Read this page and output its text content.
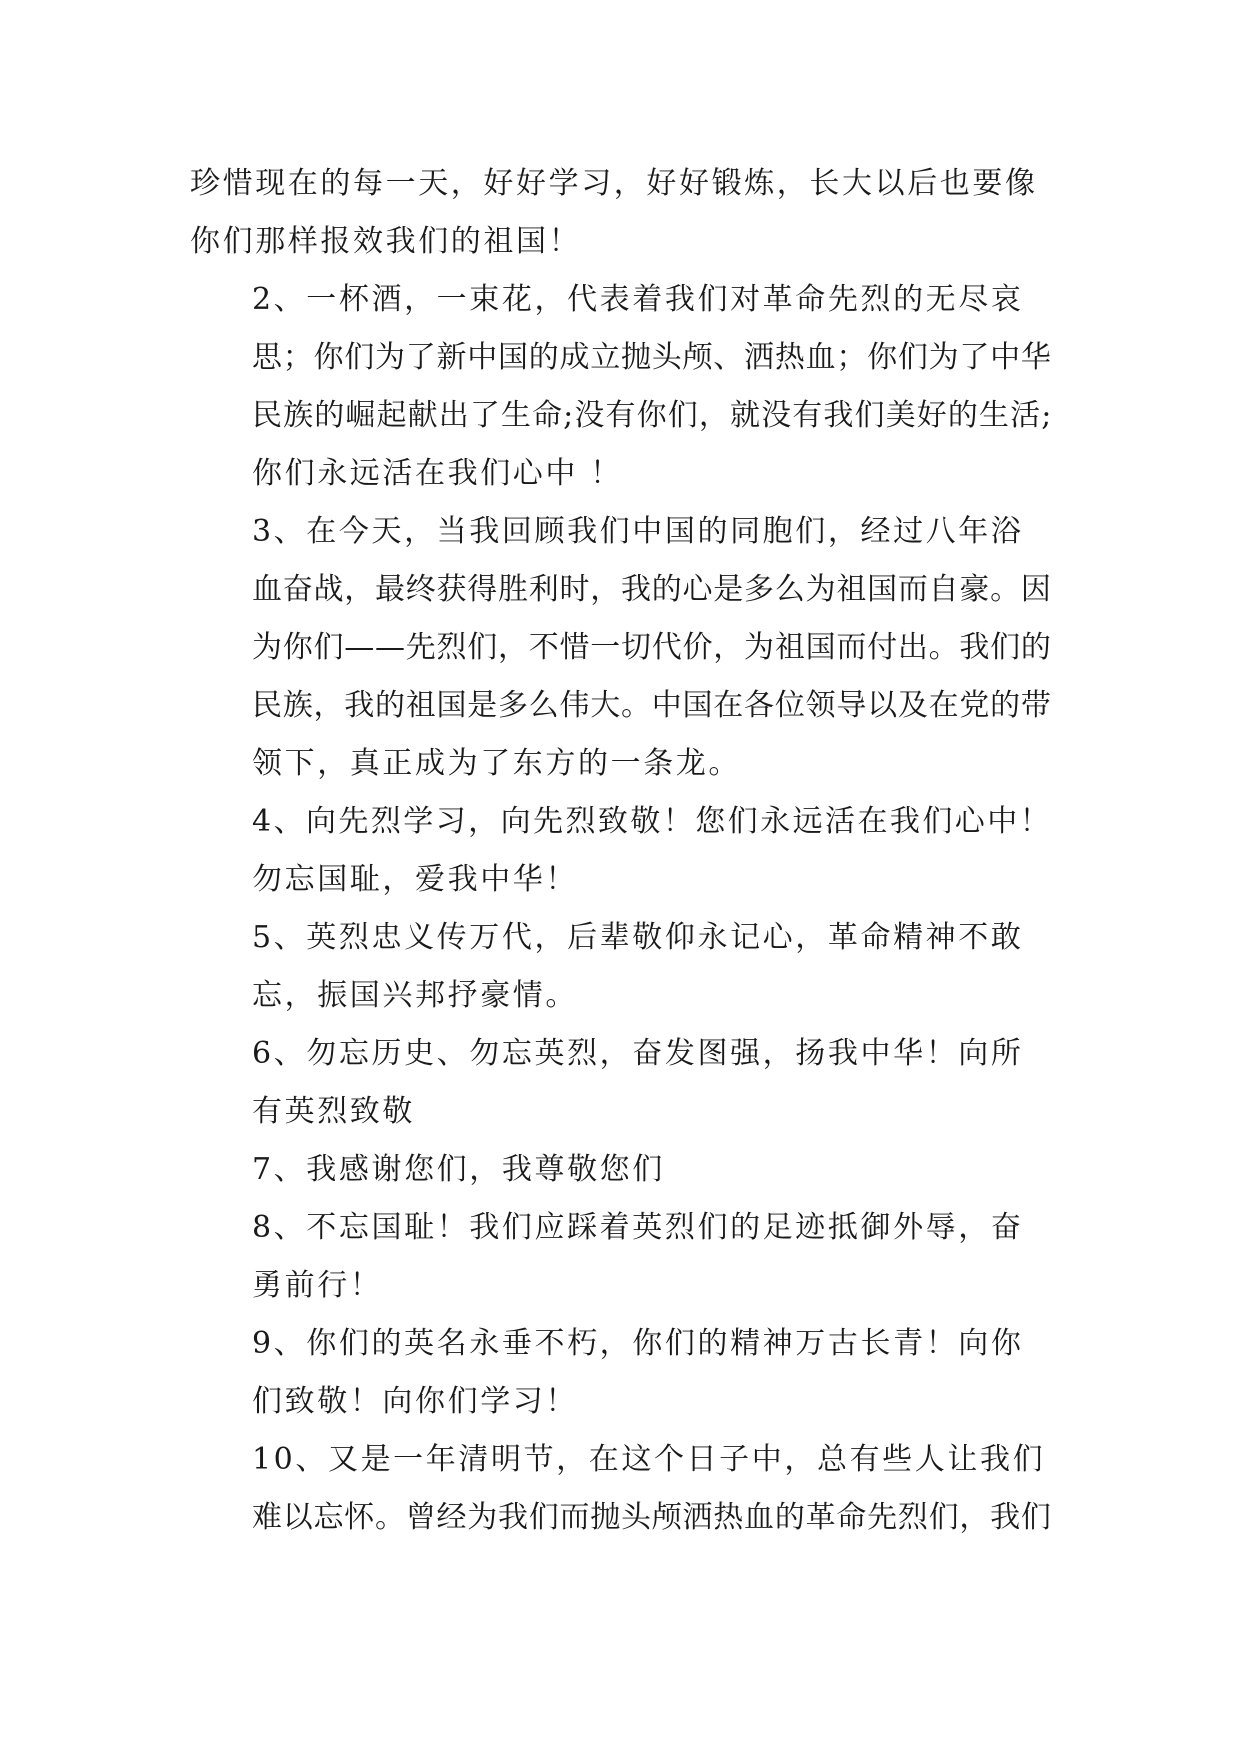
珍惜现在的每一天，好好学习，好好锻炼，长大以后也要像
你们那样报效我们的祖国！
2、一杯酒，一束花，代表着我们对革命先烈的无尽哀
思；你们为了新中国的成立抛头颅、洒热血；你们为了中华
民族的崛起献出了生命;没有你们，就没有我们美好的生活;
你们永远活在我们心中 ！
3、在今天，当我回顾我们中国的同胞们，经过八年浴
血奋战，最终获得胜利时，我的心是多么为祖国而自豪。因
为你们——先烈们，不惜一切代价，为祖国而付出。我们的
民族，我的祖国是多么伟大。中国在各位领导以及在党的带
领下，真正成为了东方的一条龙。
4、向先烈学习，向先烈致敬！您们永远活在我们心中！
勿忘国耻，爱我中华！
5、英烈忠义传万代，后辈敬仰永记心，革命精神不敢
忘，振国兴邦抒豪情。
6、勿忘历史、勿忘英烈，奋发图强，扬我中华！向所
有英烈致敬
7、我感谢您们，我尊敬您们
8、不忘国耻！我们应踩着英烈们的足迹抵御外辱，奋
勇前行！
9、你们的英名永垂不朽，你们的精神万古长青！向你
们致敬！向你们学习！
10、又是一年清明节，在这个日子中，总有些人让我们
难以忘怀。曾经为我们而抛头颅洒热血的革命先烈们，我们
